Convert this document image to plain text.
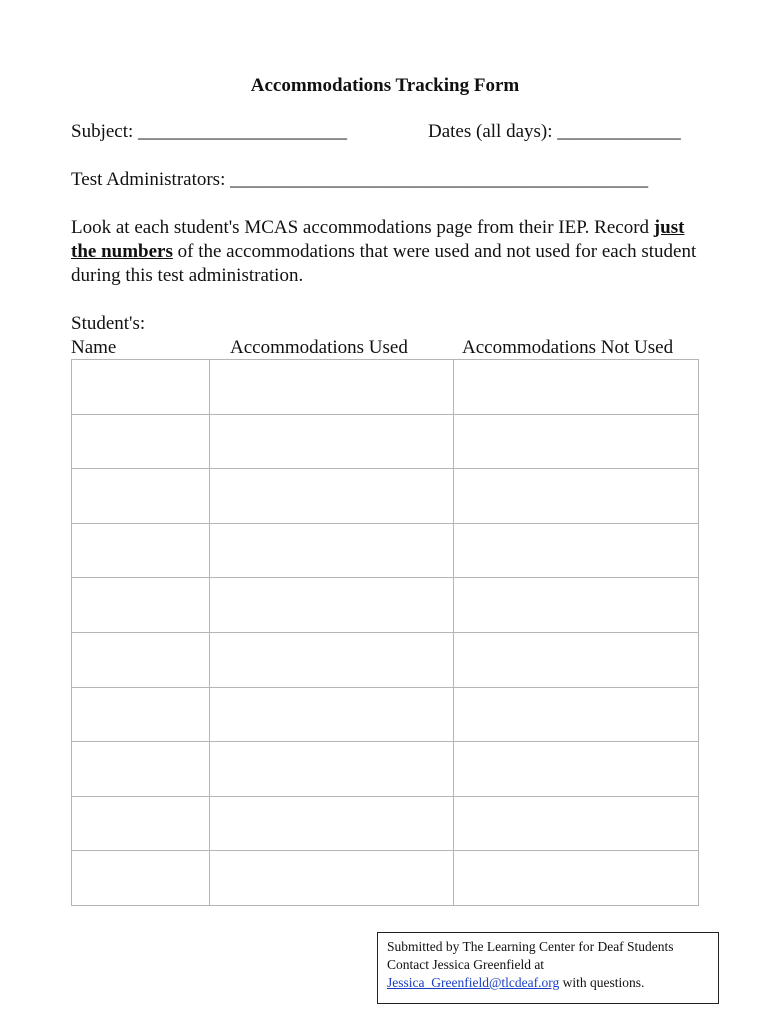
Accommodations Tracking Form
Subject: ______________________	Dates (all days): _____________
Test Administrators: ____________________________________________
Look at each student's MCAS accommodations page from their IEP. Record just the numbers of the accommodations that were used and not used for each student during this test administration.
Student's:
Name	Accommodations Used	Accommodations Not Used

Submitted by The Learning Center for Deaf Students
Contact Jessica Greenfield at
Jessica_Greenfield@tlcdeaf.org with questions.
